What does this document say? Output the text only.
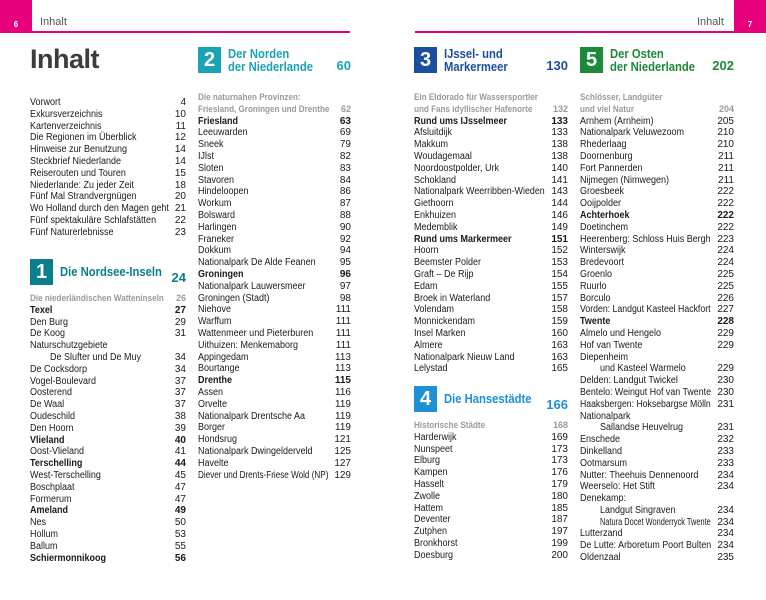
6	Inhalt	7
Inhalt
Inhalt
Vorwort	4
Exkursverzeichnis	10
Kartenverzeichnis	11
Die Regionen im Überblick	12
Hinweise zur Benutzung	14
Steckbrief Niederlande	14
Reiserouten und Touren	15
Niederlande: Zu jeder Zeit	18
Fünf Mal Strandvergnügen	20
Wo Holland durch den Magen geht 21
Fünf spektakuläre Schlafstätten 22
Fünf Naturerlebnisse	23
1	Die Nordsee-Inseln 24
Die niederländischen Watteninseln 26
Texel	27
Den Burg	29
De Koog	31
Naturschutzgebiete
De Slufter und De Muy	34
De Cocksdorp	34
Vogel-Boulevard	37
Oosterend	37
De Waal	37
Oudeschild	38
Den Hoorn	39
Vlieland	40
Oost-Vlieland	41
Terschelling	44
West-Terschelling	45
Boschplaat	47
Formerum	47
Ameland	49
Nes	50
Hollum	53
Ballum	55
Schiermonnikoog	56
2	Der Norden
der Niederlande 60
Die naturnahen Provinzen:
Friesland, Groningen und Drenthe 62
Friesland	63
Leeuwarden	69
Sneek	79
IJlst	82
Sloten	83
Stavoren	84
Hindeloopen	86
Workum	87
Bolsward	88
Harlingen	90
Franeker	92
Dokkum	94
Nationalpark De Alde Feanen 95
Groningen	96
Nationalpark Lauwersmeer	97
Groningen (Stadt)	98
Niehove	111
Warffum	111
Wattenmeer und Pieterburen 111
Uithuizen: Menkemaborg	111
Appingedam	113
Bourtange	113
Drenthe	115
Assen	116
Orvelte	119
Nationalpark Drentsche Aa	119
Borger	119
Hondsrug	121
Nationalpark Dwingelderveld 125
Havelte	127
Diever und Drents-Friese Wold (NP) 129
3	IJssel- und
Markermeer	130
Ein Eldorado für Wassersportler
und Fans idyllischer Hafenorte 132
Rund ums IJsselmeer	133
Afsluitdijk	133
Makkum	138
Woudagemaal	138
Noordoostpolder, Urk	140
Schokland	141
Nationalpark Weerribben-Wieden 143
Giethoorn	144
Enkhuizen	146
Medemblik	149
Rund ums Markermeer	151
Hoorn	152
Beemster Polder	153
Graft – De Rijp	154
Edam	155
Broek in Waterland	157
Volendam	158
Monnickendam	159
Insel Marken	160
Almere	163
Nationalpark Nieuw Land	163
Lelystad	165
4	Die Hansestädte 166
Historische Städte	168
Harderwijk	169
Nunspeet	173
Elburg	173
Kampen	176
Hasselt	179
Zwolle	180
Hattem	185
Deventer	187
Zutphen	197
Bronkhorst	199
Doesburg	200
5	Der Osten
der Niederlande 202
Schlösser, Landgüter
und viel Natur	204
Arnhem (Arnheim)	205
Nationalpark Veluwezoom	210
Rhederlaag	210
Doornenburg	211
Fort Pannerden	211
Nijmegen (Nimwegen)	211
Groesbeek	222
Ooijpolder	222
Achterhoek	222
Doetinchem	222
Heerenberg: Schloss Huis Bergh 223
Winterswijk	224
Bredevoort	224
Groenlo	225
Ruurlo	225
Borculo	226
Vorden: Landgut Kasteel Hackfort 227
Twente	228
Almelo und Hengelo	229
Hof van Twente	229
Diepenheim
und Kasteel Warmelo	229
Delden: Landgut Twickel	230
Bentelo: Weingut Hof van Twente 230
Haaksbergen: Hoksebargse Mölln 231
Nationalpark
Sallandse Heuvelrug	231
Enschede	232
Dinkelland	233
Ootmarsum	233
Nutter: Theehuis Dennenoord 234
Weerselo: Het Stift	234
Denekamp:
Landgut Singraven	234
Natura Docet Wonderryck Twente 234
Lutterzand	234
De Lutte: Arboretum Poort Bulten 234
Oldenzaal	235
